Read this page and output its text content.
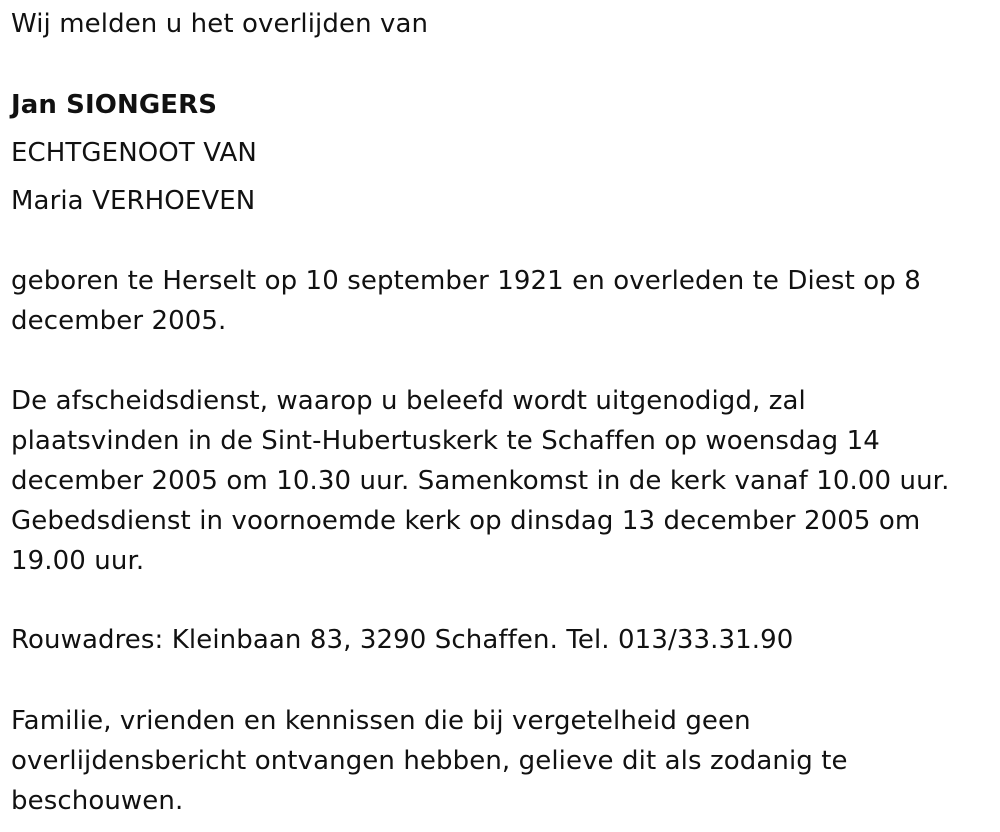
Wij melden u het overlijden van
Jan SIONGERS
ECHTGENOOT VAN
Maria VERHOEVEN
geboren te Herselt op 10 september 1921 en overleden te Diest op 8
december 2005.
De afscheidsdienst, waarop u beleefd wordt uitgenodigd, zal
plaatsvinden in de Sint-Hubertuskerk te Schaffen op woensdag 14
december 2005 om 10.30 uur. Samenkomst in de kerk vanaf 10.00 uur.
Gebedsdienst in voornoemde kerk op dinsdag 13 december 2005 om
19.00 uur.
Rouwadres: Kleinbaan 83, 3290 Schaffen. Tel. 013/33.31.90
Familie, vrienden en kennissen die bij vergetelheid geen
overlijdensbericht ontvangen hebben, gelieve dit als zodanig te
beschouwen.
